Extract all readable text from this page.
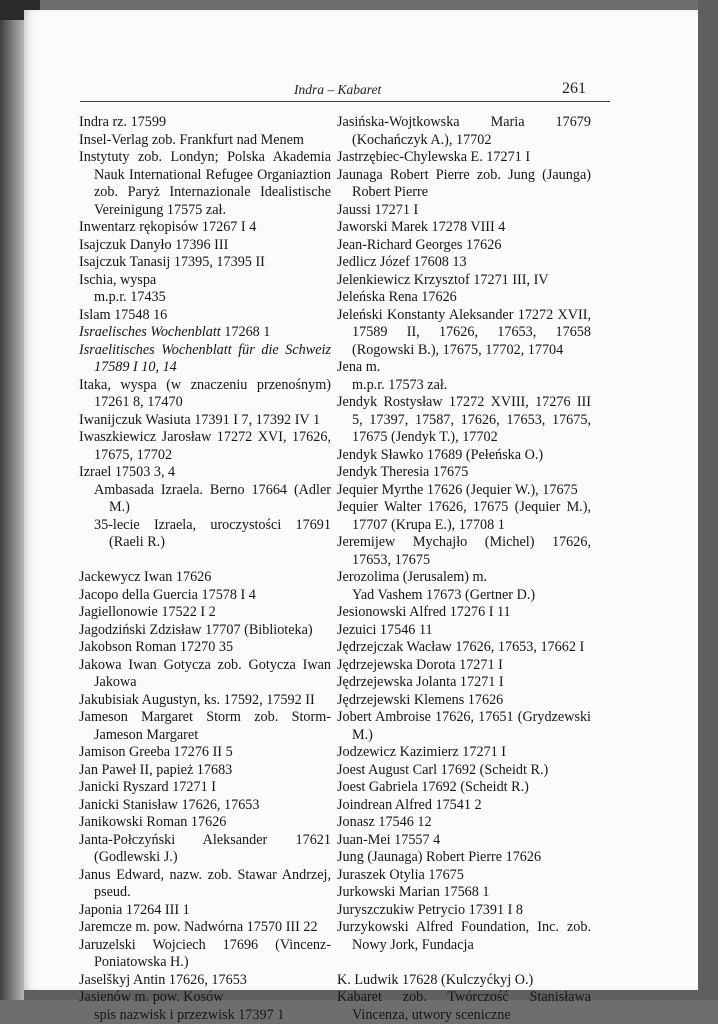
Indra – Kabaret	261
Indra rz. 17599
Insel-Verlag zob. Frankfurt nad Menem
Instytuty zob. Londyn; Polska Akademia Nauk International Refugee Organiaztion zob. Paryż Internazionale Idealistische Vereinigung 17575 zał.
Inwentarz rękopisów 17267 I 4
Isajczuk Danyło 17396 III
Isajczuk Tanasij 17395, 17395 II
Ischia, wyspa
m.p.r. 17435
Islam 17548 16
Israelisches Wochenblatt 17268 1
Israelitisches Wochenblatt für die Schweiz 17589 I 10, 14
Itaka, wyspa (w znaczeniu przenośnym) 17261 8, 17470
Iwanijczuk Wasiuta 17391 I 7, 17392 IV 1
Iwaszkiewicz Jarosław 17272 XVI, 17626, 17675, 17702
Izrael 17503 3, 4
Ambasada Izraela. Berno 17664 (Adler M.)
35-lecie Izraela, uroczystości 17691 (Raeli R.)
Jackewycz Iwan 17626
Jacopo della Guercia 17578 I 4
Jagiellonowie 17522 I 2
Jagodziński Zdzisław 17707 (Biblioteka)
Jakobson Roman 17270 35
Jakowa Iwan Gotycza zob. Gotycza Iwan Jakowa
Jakubisiak Augustyn, ks. 17592, 17592 II
Jameson Margaret Storm zob. Storm-Jameson Margaret
Jamison Greeba 17276 II 5
Jan Paweł II, papież 17683
Janicki Ryszard 17271 I
Janicki Stanisław 17626, 17653
Janikowski Roman 17626
Janta-Połczyński Aleksander 17621 (Godlewski J.)
Janus Edward, nazw. zob. Stawar Andrzej, pseud.
Japonia 17264 III 1
Jaremcze m. pow. Nadwórna 17570 III 22
Jaruzelski Wojciech 17696 (Vincenz-Poniatowska H.)
Jaselškyj Antin 17626, 17653
Jasienów m. pow. Kosów
spis nazwisk i przezwisk 17397 1
Jasińska-Wojtkowska Maria 17679 (Kochańczyk A.), 17702
Jastrzębiec-Chylewska E. 17271 I
Jaunaga Robert Pierre zob. Jung (Jaunga) Robert Pierre
Jaussi 17271 I
Jaworski Marek 17278 VIII 4
Jean-Richard Georges 17626
Jedlicz Józef 17608 13
Jelenkiewicz Krzysztof 17271 III, IV
Jeleńska Rena 17626
Jeleński Konstanty Aleksander 17272 XVII, 17589 II, 17626, 17653, 17658 (Rogowski B.), 17675, 17702, 17704
Jena m.
m.p.r. 17573 zał.
Jendyk Rostysław 17272 XVIII, 17276 III 5, 17397, 17587, 17626, 17653, 17675, 17675 (Jendyk T.), 17702
Jendyk Sławko 17689 (Pełeńska O.)
Jendyk Theresia 17675
Jequier Myrthe 17626 (Jequier W.), 17675
Jequier Walter 17626, 17675 (Jequier M.), 17707 (Krupa E.), 17708 1
Jeremijew Mychajło (Michel) 17626, 17653, 17675
Jerozolima (Jerusalem) m.
Yad Vashem 17673 (Gertner D.)
Jesionowski Alfred 17276 I 11
Jezuici 17546 11
Jędrzejczak Wacław 17626, 17653, 17662 I
Jędrzejewska Dorota 17271 I
Jędrzejewska Jolanta 17271 I
Jędrzejewski Klemens 17626
Jobert Ambroise 17626, 17651 (Grydzewski M.)
Jodzewicz Kazimierz 17271 I
Joest August Carl 17692 (Scheidt R.)
Joest Gabriela 17692 (Scheidt R.)
Joindrean Alfred 17541 2
Jonasz 17546 12
Juan-Mei 17557 4
Jung (Jaunaga) Robert Pierre 17626
Juraszek Otylia 17675
Jurkowski Marian 17568 1
Juryszczukiw Petrycio 17391 I 8
Jurzykowski Alfred Foundation, Inc. zob. Nowy Jork, Fundacja
K. Ludwik 17628 (Kulczyćkyj O.)
Kabaret zob. Twórczość Stanisława Vincenza, utwory sceniczne
